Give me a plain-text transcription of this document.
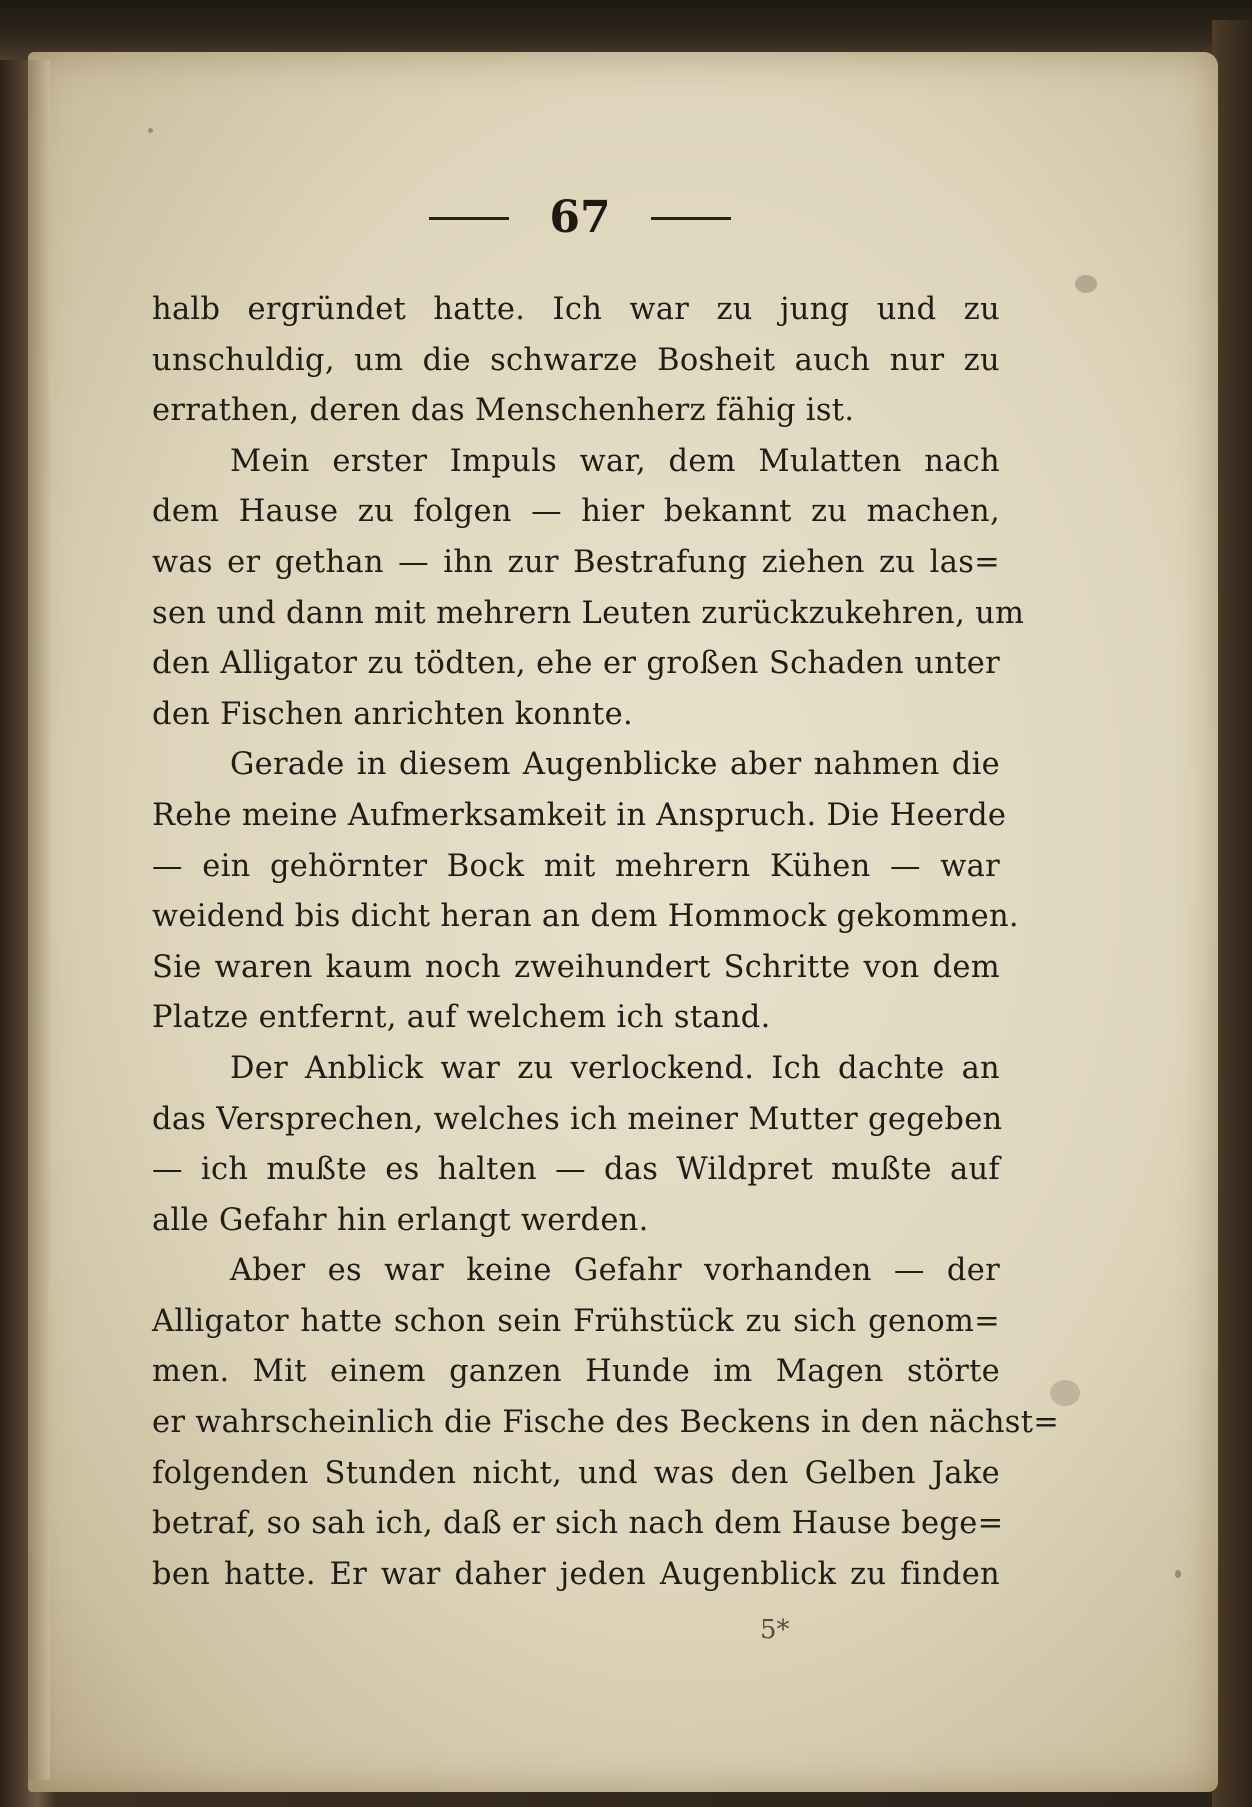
67
halb ergründet hatte. Ich war zu jung und zu
unschuldig, um die schwarze Bosheit auch nur zu
errathen, deren das Menschenherz fähig ist.
Mein erster Impuls war, dem Mulatten nach
dem Hause zu folgen — hier bekannt zu machen,
was er gethan — ihn zur Bestrafung ziehen zu las=
sen und dann mit mehrern Leuten zurückzukehren, um
den Alligator zu tödten, ehe er großen Schaden unter
den Fischen anrichten konnte.
Gerade in diesem Augenblicke aber nahmen die
Rehe meine Aufmerksamkeit in Anspruch. Die Heerde
— ein gehörnter Bock mit mehrern Kühen — war
weidend bis dicht heran an dem Hommock gekommen.
Sie waren kaum noch zweihundert Schritte von dem
Platze entfernt, auf welchem ich stand.
Der Anblick war zu verlockend. Ich dachte an
das Versprechen, welches ich meiner Mutter gegeben
— ich mußte es halten — das Wildpret mußte auf
alle Gefahr hin erlangt werden.
Aber es war keine Gefahr vorhanden — der
Alligator hatte schon sein Frühstück zu sich genom=
men. Mit einem ganzen Hunde im Magen störte
er wahrscheinlich die Fische des Beckens in den nächst=
folgenden Stunden nicht, und was den Gelben Jake
betraf, so sah ich, daß er sich nach dem Hause bege=
ben hatte. Er war daher jeden Augenblick zu finden
5*
